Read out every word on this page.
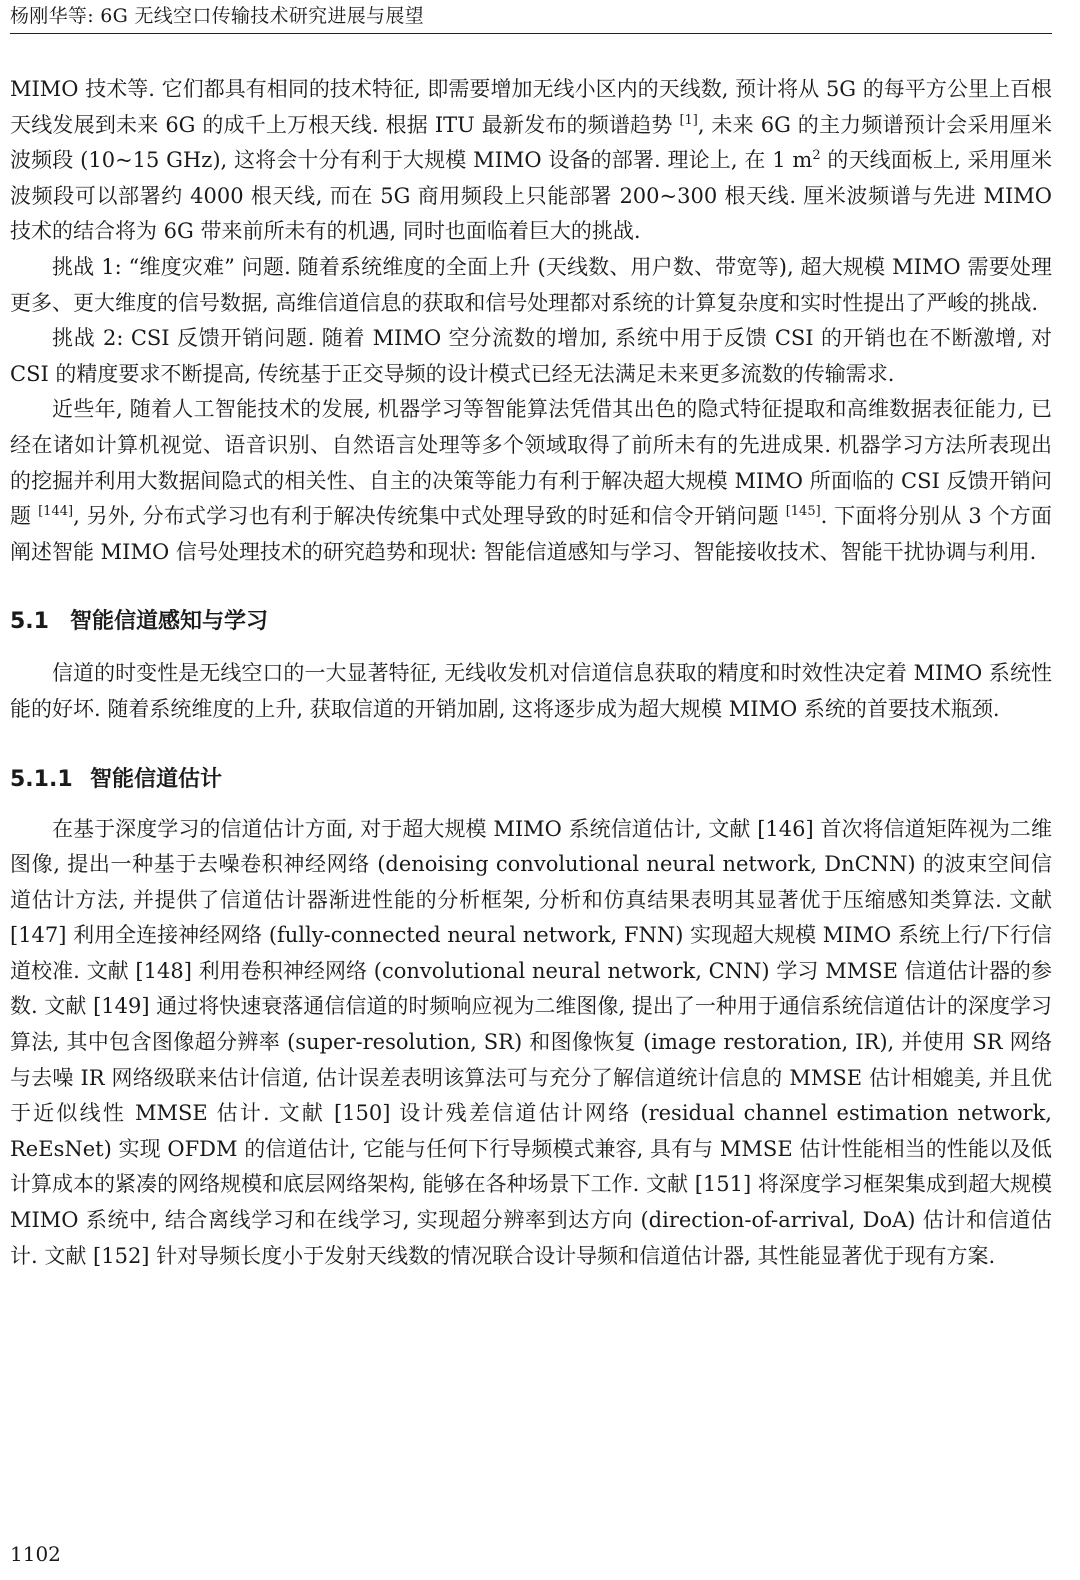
杨刚华等: 6G 无线空口传输技术研究进展与展望

MIMO 技术等. 它们都具有相同的技术特征, 即需要增加无线小区内的天线数, 预计将从 5G 的每平方公里上百根天线发展到未来 6G 的成千上万根天线. 根据 ITU 最新发布的频谱趋势 [1], 未来 6G 的主力频谱预计会采用厘米波频段 (10~15 GHz), 这将会十分有利于大规模 MIMO 设备的部署. 理论上, 在 1 $m^2$ 的天线面板上, 采用厘米波频段可以部署约 4000 根天线, 而在 5G 商用频段上只能部署 200~300 根天线. 厘米波频谱与先进 MIMO 技术的结合将为 6G 带来前所未有的机遇, 同时也面临着巨大的挑战.

挑战 1: “维度灾难” 问题. 随着系统维度的全面上升 (天线数、用户数、带宽等), 超大规模 MIMO 需要处理更多、更大维度的信号数据, 高维信道信息的获取和信号处理都对系统的计算复杂度和实时性提出了严峻的挑战.

挑战 2: CSI 反馈开销问题. 随着 MIMO 空分流数的增加, 系统中用于反馈 CSI 的开销也在不断激增, 对 CSI 的精度要求不断提高, 传统基于正交导频的设计模式已经无法满足未来更多流数的传输需求.

近些年, 随着人工智能技术的发展, 机器学习等智能算法凭借其出色的隐式特征提取和高维数据表征能力, 已经在诸如计算机视觉、语音识别、自然语言处理等多个领域取得了前所未有的先进成果. 机器学习方法所表现出的挖掘并利用大数据间隐式的相关性、自主的决策等能力有利于解决超大规模 MIMO 所面临的 CSI 反馈开销问题 [144], 另外, 分布式学习也有利于解决传统集中式处理导致的时延和信令开销问题 [145]. 下面将分别从 3 个方面阐述智能 MIMO 信号处理技术的研究趋势和现状: 智能信道感知与学习、智能接收技术、智能干扰协调与利用.

5.1 智能信道感知与学习

信道的时变性是无线空口的一大显著特征, 无线收发机对信道信息获取的精度和时效性决定着 MIMO 系统性能的好坏. 随着系统维度的上升, 获取信道的开销加剧, 这将逐步成为超大规模 MIMO 系统的首要技术瓶颈.

5.1.1 智能信道估计

在基于深度学习的信道估计方面, 对于超大规模 MIMO 系统信道估计, 文献 [146] 首次将信道矩阵视为二维图像, 提出一种基于去噪卷积神经网络 (denoising convolutional neural network, DnCNN) 的波束空间信道估计方法, 并提供了信道估计器渐进性能的分析框架, 分析和仿真结果表明其显著优于压缩感知类算法. 文献 [147] 利用全连接神经网络 (fully-connected neural network, FNN) 实现超大规模 MIMO 系统上行/下行信道校准. 文献 [148] 利用卷积神经网络 (convolutional neural network, CNN) 学习 MMSE 信道估计器的参数. 文献 [149] 通过将快速衰落通信信道的时频响应视为二维图像, 提出了一种用于通信系统信道估计的深度学习算法, 其中包含图像超分辨率 (super-resolution, SR) 和图像恢复 (image restoration, IR), 并使用 SR 网络与去噪 IR 网络级联来估计信道, 估计误差表明该算法可与充分了解信道统计信息的 MMSE 估计相媲美, 并且优于近似线性 MMSE 估计. 文献 [150] 设计残差信道估计网络 (residual channel estimation network, ReEsNet) 实现 OFDM 的信道估计, 它能与任何下行导频模式兼容, 具有与 MMSE 估计性能相当的性能以及低计算成本的紧凑的网络规模和底层网络架构, 能够在各种场景下工作. 文献 [151] 将深度学习框架集成到超大规模 MIMO 系统中, 结合离线学习和在线学习, 实现超分辨率到达方向 (direction-of-arrival, DoA) 估计和信道估计. 文献 [152] 针对导频长度小于发射天线数的情况联合设计导频和信道估计器, 其性能显著优于现有方案.

1102
